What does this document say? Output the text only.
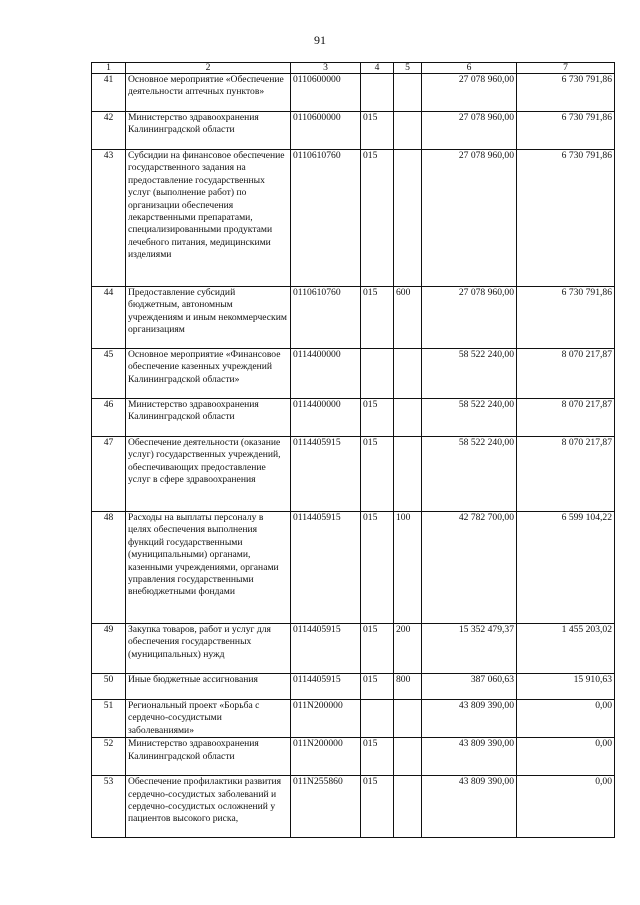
91
1	2	3	4	5	6	7
41	Основное мероприятие «Обеспечение деятельности аптечных пунктов»	0110600000			27 078 960,00	6 730 791,86
42	Министерство здравоохранения Калининградской области	0110600000	015		27 078 960,00	6 730 791,86
43	Субсидии на финансовое обеспечение государственного задания на предоставление государственных услуг (выполнение работ) по организации обеспечения лекарственными препаратами, специализированными продуктами лечебного питания, медицинскими изделиями	0110610760	015		27 078 960,00	6 730 791,86
44	Предоставление субсидий бюджетным, автономным учреждениям и иным некоммерческим организациям	0110610760	015	600	27 078 960,00	6 730 791,86
45	Основное мероприятие «Финансовое обеспечение казенных учреждений Калининградской области»	0114400000			58 522 240,00	8 070 217,87
46	Министерство здравоохранения Калининградской области	0114400000	015		58 522 240,00	8 070 217,87
47	Обеспечение деятельности (оказание услуг) государственных учреждений, обеспечивающих предоставление услуг в сфере здравоохранения	0114405915	015		58 522 240,00	8 070 217,87
48	Расходы на выплаты персоналу в целях обеспечения выполнения функций государственными (муниципальными) органами, казенными учреждениями, органами управления государственными внебюджетными фондами	0114405915	015	100	42 782 700,00	6 599 104,22
49	Закупка товаров, работ и услуг для обеспечения государственных (муниципальных) нужд	0114405915	015	200	15 352 479,37	1 455 203,02
50	Иные бюджетные ассигнования	0114405915	015	800	387 060,63	15 910,63
51	Региональный проект «Борьба с сердечно-сосудистыми заболеваниями»	011N200000			43 809 390,00	0,00
52	Министерство здравоохранения Калининградской области	011N200000	015		43 809 390,00	0,00
53	Обеспечение профилактики развития сердечно-сосудистых заболеваний и сердечно-сосудистых осложнений у пациентов высокого риска,	011N255860	015		43 809 390,00	0,00
